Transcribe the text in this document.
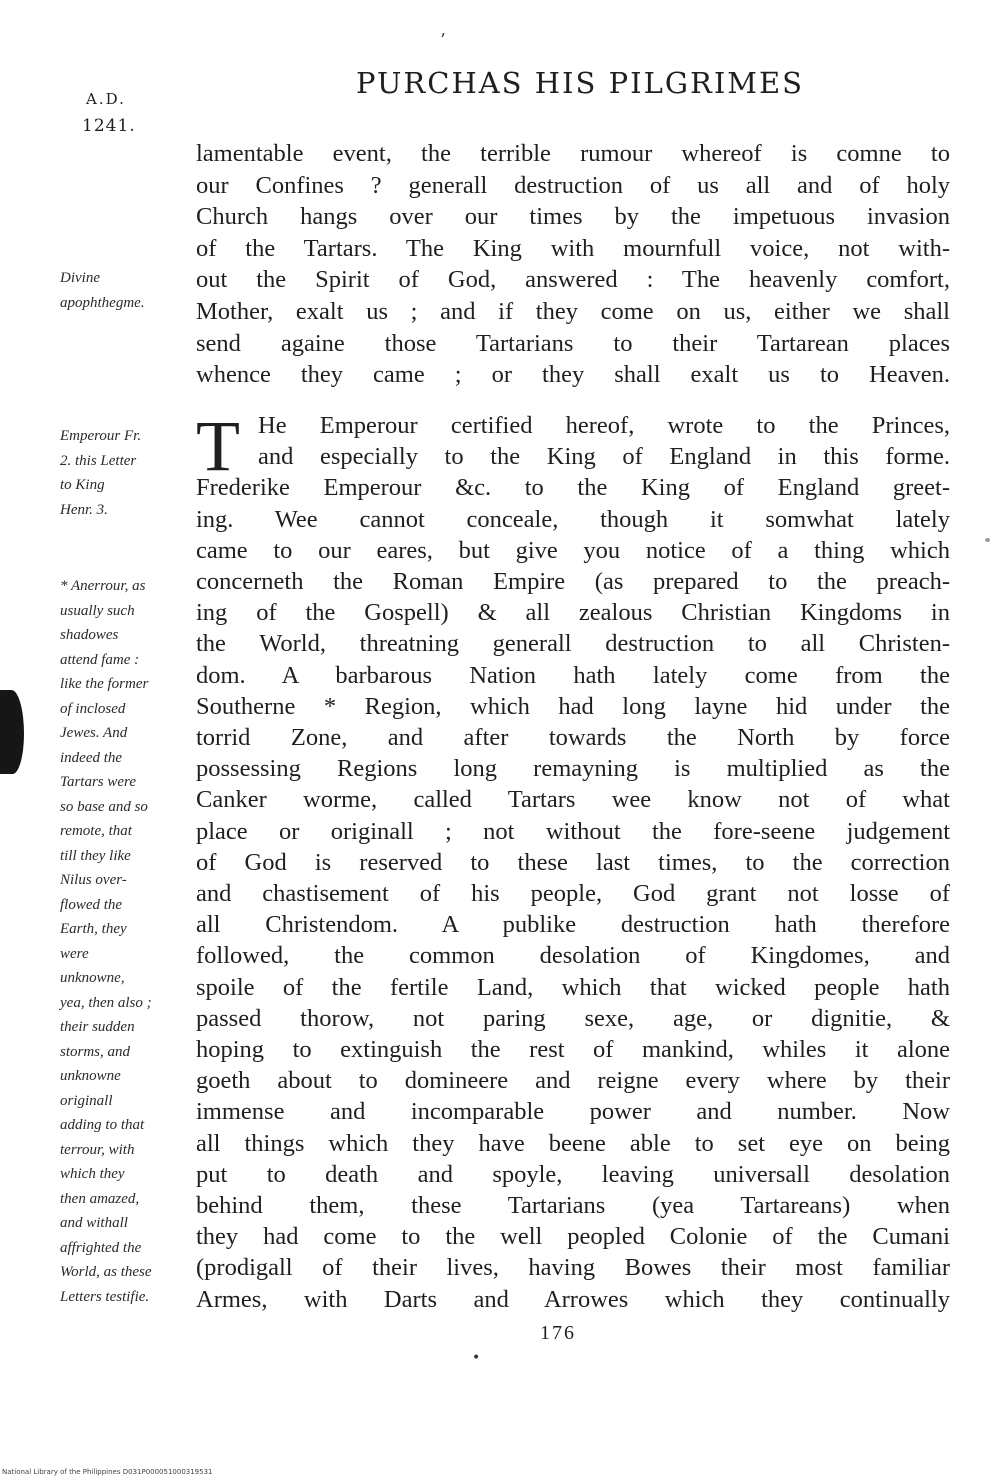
’
A.D.
1241.
PURCHAS HIS PILGRIMES
lamentable event, the terrible rumour whereof is comne to
our Confines ? generall destruction of us all and of holy
Church hangs over our times by the impetuous invasion
of the Tartars. The King with mournfull voice, not with-
out the Spirit of God, answered : The heavenly comfort,
Mother, exalt us ; and if they come on us, either we shall
send againe those Tartarians to their Tartarean places
whence they came ; or they shall exalt us to Heaven.
T He Emperour certified hereof, wrote to the Princes,
and especially to the King of England in this forme.
Frederike Emperour &c. to the King of England greet-
ing. Wee cannot conceale, though it somwhat lately
came to our eares, but give you notice of a thing which
concerneth the Roman Empire (as prepared to the preach-
ing of the Gospell) & all zealous Christian Kingdoms in
the World, threatning generall destruction to all Christen-
dom. A barbarous Nation hath lately come from the
Southerne * Region, which had long layne hid under the
torrid Zone, and after towards the North by force
possessing Regions long remayning is multiplied as the
Canker worme, called Tartars wee know not of what
place or originall ; not without the fore-seene judgement
of God is reserved to these last times, to the correction
and chastisement of his people, God grant not losse of
all Christendom. A publike destruction hath therefore
followed, the common desolation of Kingdomes, and
spoile of the fertile Land, which that wicked people hath
passed thorow, not paring sexe, age, or dignitie, &
hoping to extinguish the rest of mankind, whiles it alone
goeth about to domineere and reigne every where by their
immense and incomparable power and number. Now
all things which they have beene able to set eye on being
put to death and spoyle, leaving universall desolation
behind them, these Tartarians (yea Tartareans) when
they had come to the well peopled Colonie of the Cumani
(prodigall of their lives, having Bowes their most familiar
Armes, with Darts and Arrowes which they continually
Divine
apophthegme.
Emperour Fr.
2. this Letter
to King
Henr. 3.
* Anerrour, as
usually such
shadowes
attend fame :
like the former
of inclosed
Jewes. And
indeed the
Tartars were
so base and so
remote, that
till they like
Nilus over-
flowed the
Earth, they
were
unknowne,
yea, then also ;
their sudden
storms, and
unknowne
originall
adding to that
terrour, with
which they
then amazed,
and withall
affrighted the
World, as these
Letters testifie.
176
•
National Library of the Philippines D031P000051000319531
